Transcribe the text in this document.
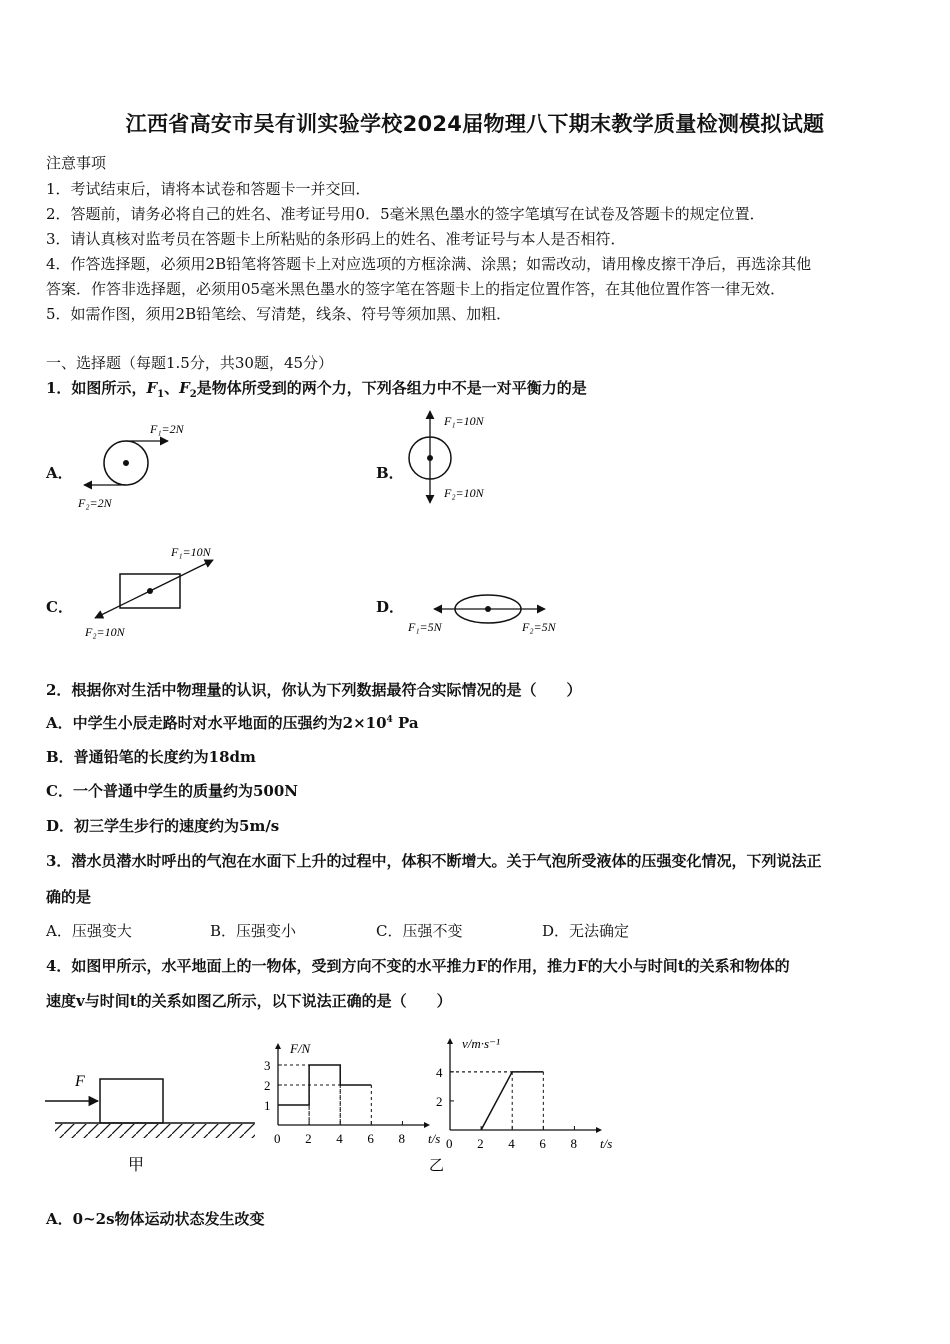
江西省高安市吴有训实验学校2024届物理八下期末教学质量检测模拟试题
注意事项
1．考试结束后，请将本试卷和答题卡一并交回．
2．答题前，请务必将自己的姓名、准考证号用0．5毫米黑色墨水的签字笔填写在试卷及答题卡的规定位置．
3．请认真核对监考员在答题卡上所粘贴的条形码上的姓名、准考证号与本人是否相符．
4．作答选择题，必须用2B铅笔将答题卡上对应选项的方框涂满、涂黑；如需改动，请用橡皮擦干净后，再选涂其他
答案．作答非选择题，必须用05毫米黑色墨水的签字笔在答题卡上的指定位置作答，在其他位置作答一律无效．
5．如需作图，须用2B铅笔绘、写清楚，线条、符号等须加黑、加粗．
一、选择题（每题1.5分，共30题，45分）
1．如图所示，$F_1$、$F_2$是物体所受到的两个力，下列各组力中不是一对平衡力的是
A．	B．
C．	D．
F₁=2N
F₂=2N
F₁=10N
F₂=10N
F₁=10N
F₂=10N	F₁=5N	F₂=5N
2．根据你对生活中物理量的认识，你认为下列数据最符合实际情况的是（　　）
A．中学生小辰走路时对水平地面的压强约为$2\times 10^4$ Pa
B．普通铅笔的长度约为18dm
C．一个普通中学生的质量约为500N
D．初三学生步行的速度约为5m/s
3．潜水员潜水时呼出的气泡在水面下上升的过程中，体积不断增大。关于气泡所受液体的压强变化情况，下列说法正
确的是
A．压强变大	B．压强变小	C．压强不变	D．无法确定
4．如图甲所示，水平地面上的一物体，受到方向不变的水平推力F的作用，推力F的大小与时间t的关系和物体的
速度v与时间t的关系如图乙所示，以下说法正确的是（　　）
F
甲
F/N
t/s
0 2 4 6 8
1
2
3
v/m·s⁻¹
t/s
0 2 4 6 8
2
4
乙
A．0~2s物体运动状态发生改变
